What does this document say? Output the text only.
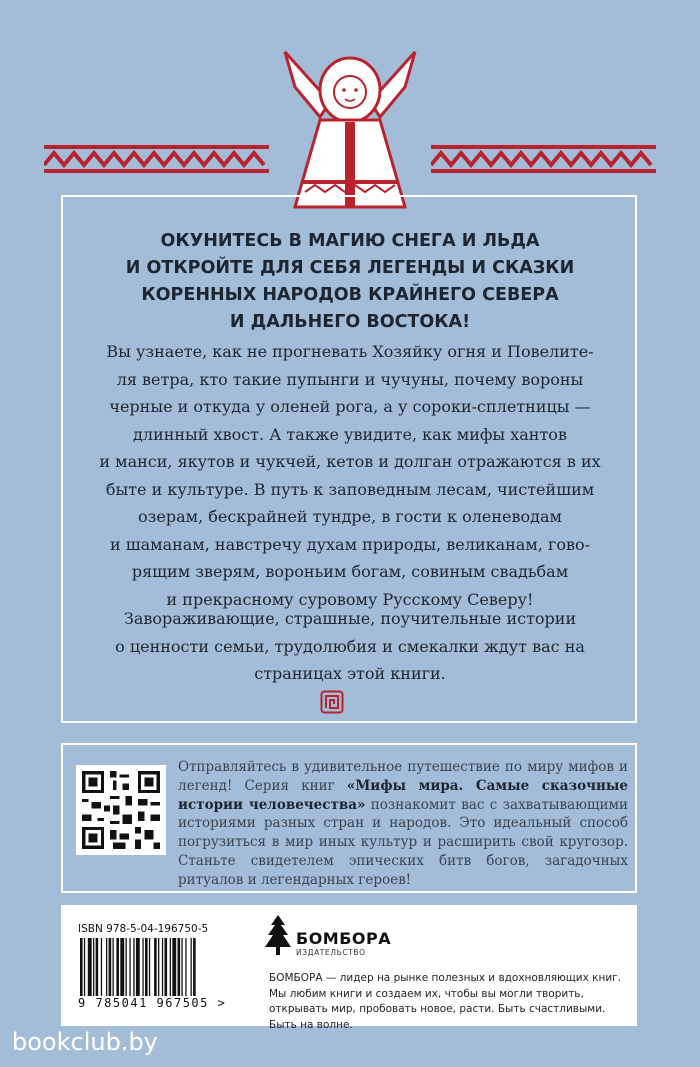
ОКУНИТЕСЬ В МАГИЮ СНЕГА И ЛЬДА
И ОТКРОЙТЕ ДЛЯ СЕБЯ ЛЕГЕНДЫ И СКАЗКИ
КОРЕННЫХ НАРОДОВ КРАЙНЕГО СЕВЕРА
И ДАЛЬНЕГО ВОСТОКА!
Вы узнаете, как не прогневать Хозяйку огня и Повелите-
ля ветра, кто такие пупынги и чучуны, почему вороны
черные и откуда у оленей рога, а у сороки-сплетницы —
длинный хвост. А также увидите, как мифы хантов
и манси, якутов и чукчей, кетов и долган отражаются в их
быте и культуре. В путь к заповедным лесам, чистейшим
озерам, бескрайней тундре, в гости к оленеводам
и шаманам, навстречу духам природы, великанам, гово-
рящим зверям, вороньим богам, совиным свадьбам
и прекрасному суровому Русскому Северу!
Завораживающие, страшные, поучительные истории
о ценности семьи, трудолюбия и смекалки ждут вас на
страницах этой книги.
Отправляйтесь в удивительное путешествие по миру мифов и легенд! Серия книг «Мифы мира. Самые сказочные истории человечества» познакомит вас с захватывающими историями разных стран и народов. Это идеальный способ погрузиться в мир иных культур и расширить свой кругозор. Станьте свидетелем эпических битв богов, загадочных ритуалов и легендарных героев!
ISBN 978-5-04-196750-5
9 785041 967505 >
БОМБОРА
ИЗДАТЕЛЬСТВО
БОМБОРА — лидер на рынке полезных и вдохновляющих книг. Мы любим книги и создаем их, чтобы вы могли творить, открывать мир, пробовать новое, расти. Быть счастливыми. Быть на волне.
bookclub.by
